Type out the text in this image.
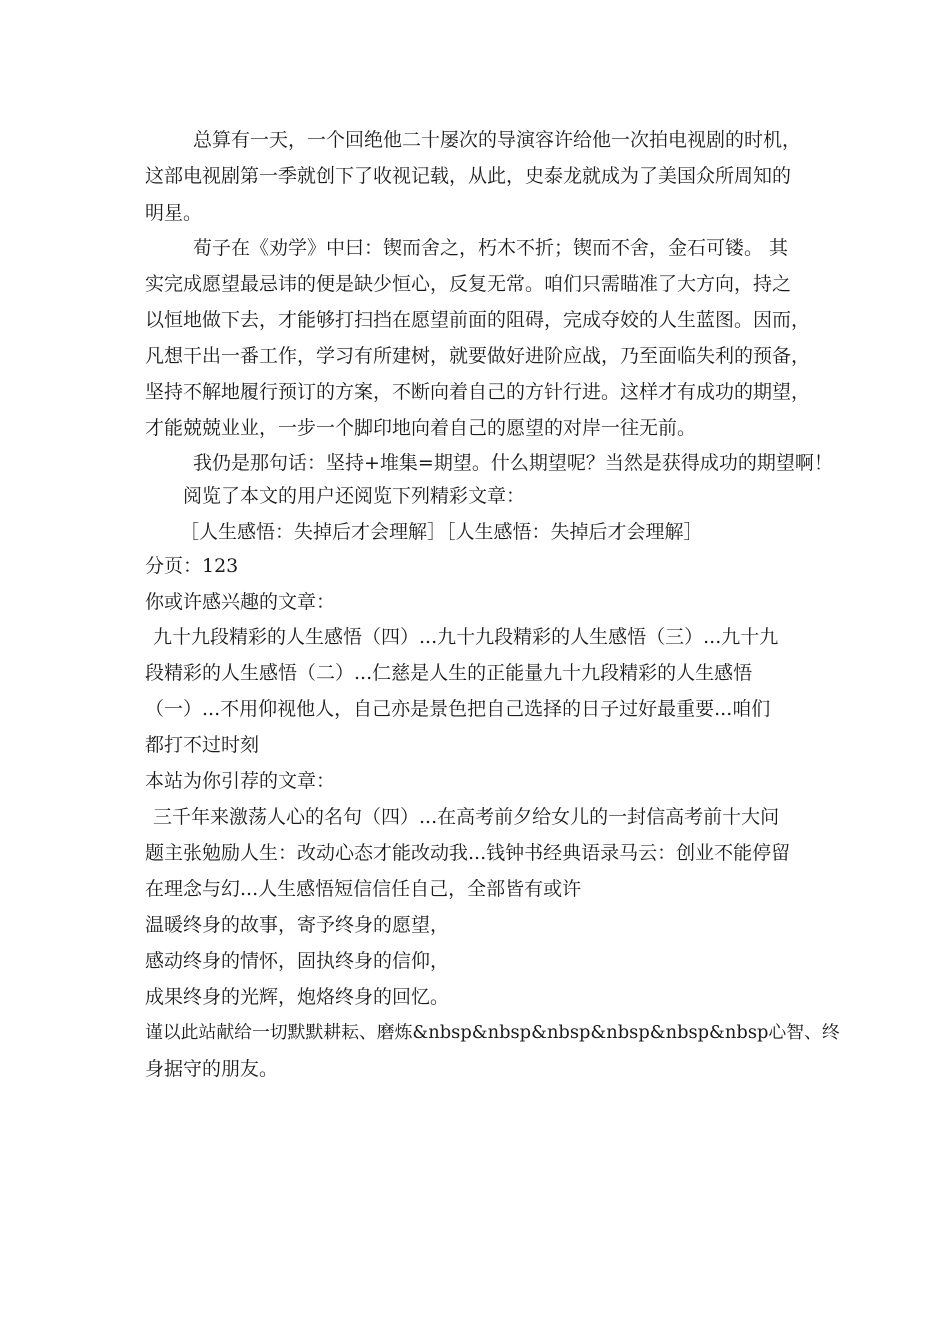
总算有一天，一个回绝他二十屡次的导演容许给他一次拍电视剧的时机，
这部电视剧第一季就创下了收视记载，从此，史泰龙就成为了美国众所周知的
明星。
荀子在《劝学》中曰：锲而舍之，朽木不折；锲而不舍，金石可镂。 其
实完成愿望最忌讳的便是缺少恒心，反复无常。咱们只需瞄准了大方向，持之
以恒地做下去，才能够打扫挡在愿望前面的阻碍，完成夺姣的人生蓝图。因而，
凡想干出一番工作，学习有所建树，就要做好进阶应战，乃至面临失利的预备，
坚持不解地履行预订的方案，不断向着自己的方针行进。这样才有成功的期望，
才能兢兢业业，一步一个脚印地向着自己的愿望的对岸一往无前。
我仍是那句话：坚持+堆集=期望。什么期望呢？当然是获得成功的期望啊！
阅览了本文的用户还阅览下列精彩文章：
［人生感悟：失掉后才会理解］［人生感悟：失掉后才会理解］
分页：123
你或许感兴趣的文章：
九十九段精彩的人生感悟（四）...九十九段精彩的人生感悟（三）...九十九
段精彩的人生感悟（二）...仁慈是人生的正能量九十九段精彩的人生感悟
（一）...不用仰视他人，自己亦是景色把自己选择的日子过好最重要...咱们
都打不过时刻
本站为你引荐的文章：
三千年来激荡人心的名句（四）...在高考前夕给女儿的一封信高考前十大问
题主张勉励人生：改动心态才能改动我...钱钟书经典语录马云：创业不能停留
在理念与幻...人生感悟短信信任自己，全部皆有或许
温暖终身的故事，寄予终身的愿望，
感动终身的情怀，固执终身的信仰，
成果终身的光辉，炮烙终身的回忆。
谨以此站献给一切默默耕耘、磨炼&nbsp&nbsp&nbsp&nbsp&nbsp&nbsp心智、终
身据守的朋友。
